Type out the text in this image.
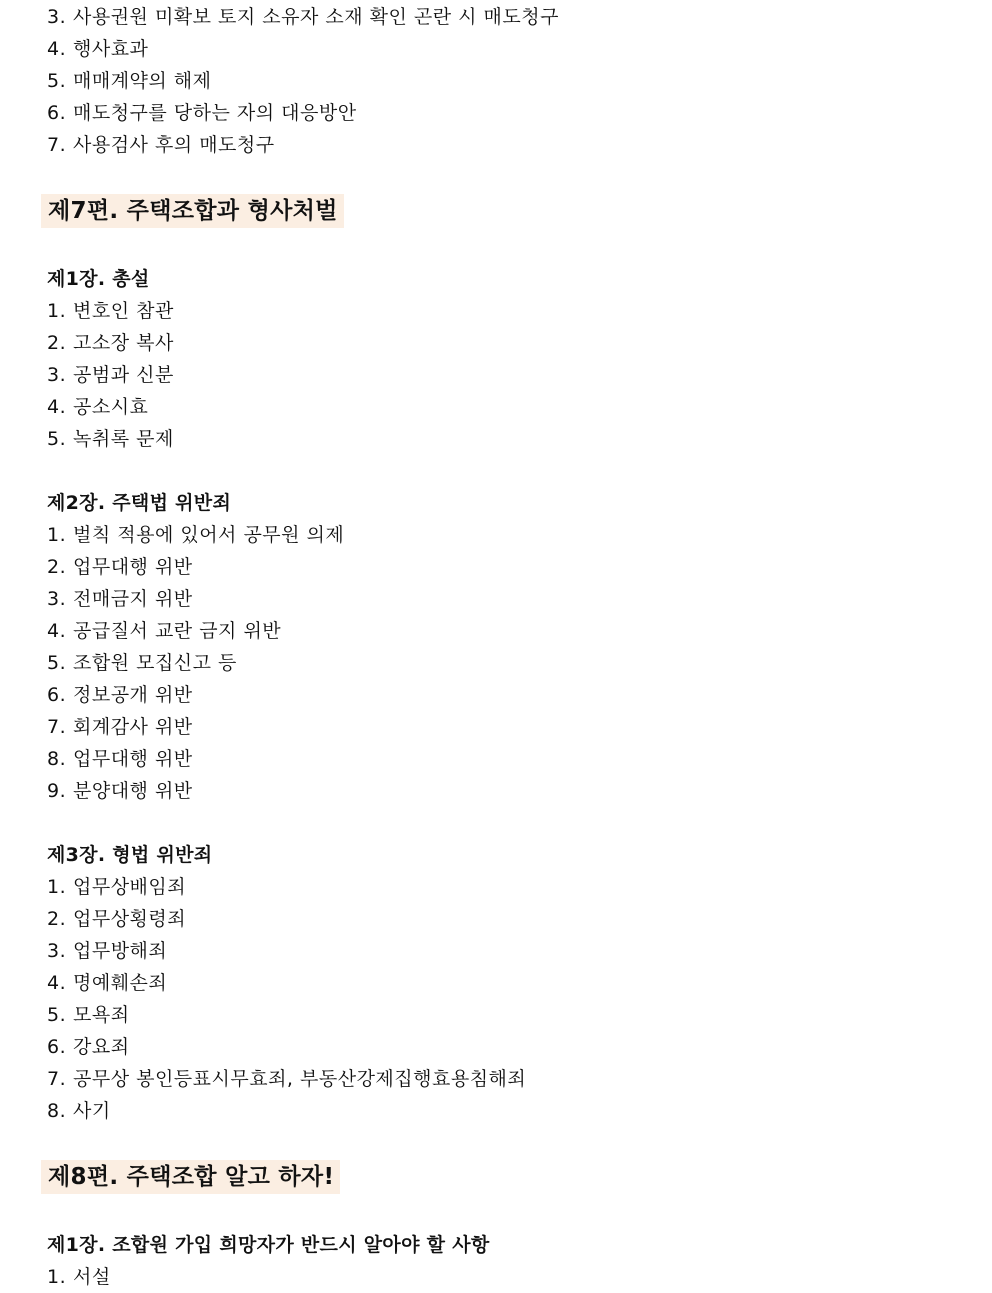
3. 사용권원 미확보 토지 소유자 소재 확인 곤란 시 매도청구
4. 행사효과
5. 매매계약의 해제
6. 매도청구를 당하는 자의 대응방안
7. 사용검사 후의 매도청구
제7편. 주택조합과 형사처벌
제1장. 총설
1. 변호인 참관
2. 고소장 복사
3. 공범과 신분
4. 공소시효
5. 녹취록 문제
제2장. 주택법 위반죄
1. 벌칙 적용에 있어서 공무원 의제
2. 업무대행 위반
3. 전매금지 위반
4. 공급질서 교란 금지 위반
5. 조합원 모집신고 등
6. 정보공개 위반
7. 회계감사 위반
8. 업무대행 위반
9. 분양대행 위반
제3장. 형법 위반죄
1. 업무상배임죄
2. 업무상횡령죄
3. 업무방해죄
4. 명예훼손죄
5. 모욕죄
6. 강요죄
7. 공무상 봉인등표시무효죄, 부동산강제집행효용침해죄
8. 사기
제8편. 주택조합 알고 하자!
제1장. 조합원 가입 희망자가 반드시 알아야 할 사항
1. 서설
